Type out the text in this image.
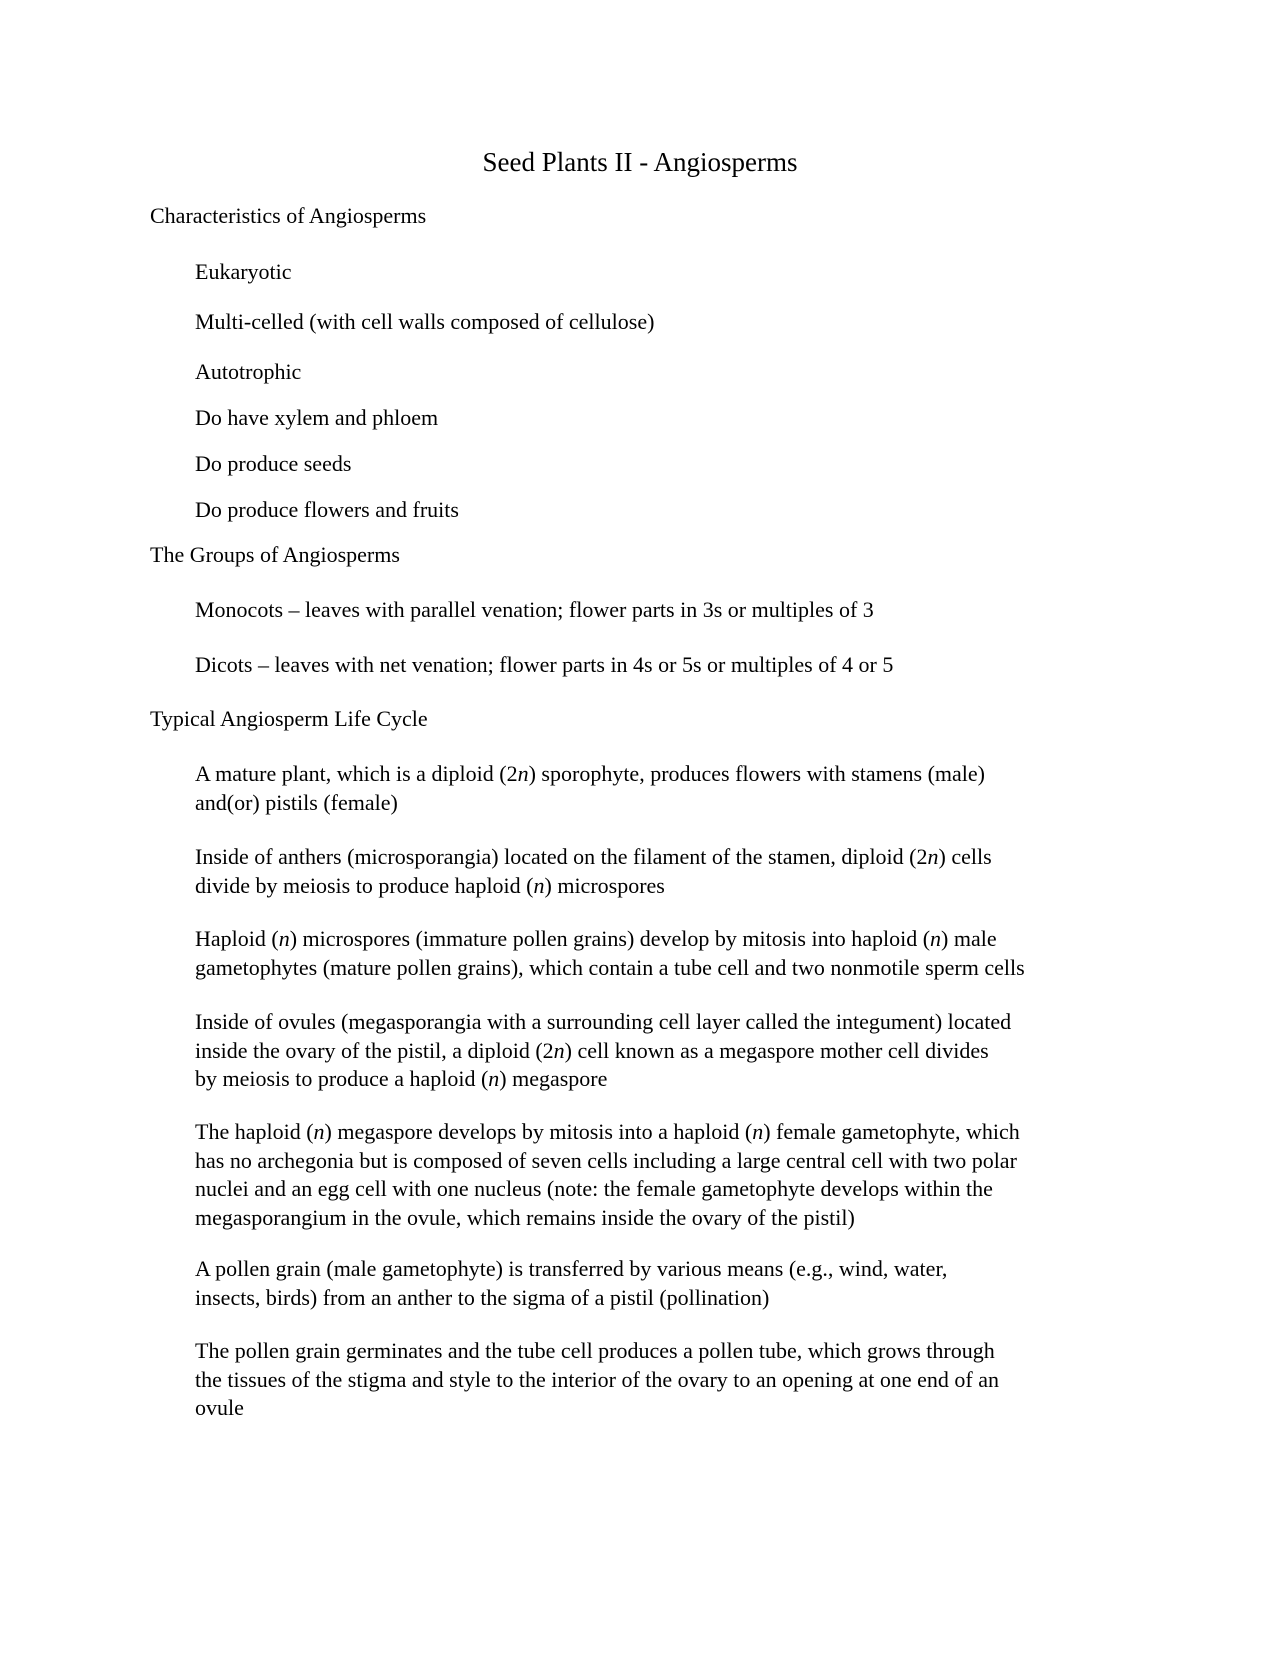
Seed Plants II - Angiosperms
Characteristics of Angiosperms

Eukaryotic

Multi-celled (with cell walls composed of cellulose)

Autotrophic

Do have xylem and phloem

Do produce seeds

Do produce flowers and fruits

The Groups of Angiosperms

Monocots – leaves with parallel venation; flower parts in 3s or multiples of 3

Dicots – leaves with net venation; flower parts in 4s or 5s or multiples of 4 or 5

Typical Angiosperm Life Cycle

A mature plant, which is a diploid (2n) sporophyte, produces flowers with stamens (male)
and(or) pistils (female)

Inside of anthers (microsporangia) located on the filament of the stamen, diploid (2n) cells
divide by meiosis to produce haploid (n) microspores

Haploid (n) microspores (immature pollen grains) develop by mitosis into haploid (n) male
gametophytes (mature pollen grains), which contain a tube cell and two nonmotile sperm cells

Inside of ovules (megasporangia with a surrounding cell layer called the integument) located
inside the ovary of the pistil, a diploid (2n) cell known as a megaspore mother cell divides
by meiosis to produce a haploid (n) megaspore

The haploid (n) megaspore develops by mitosis into a haploid (n) female gametophyte, which
has no archegonia but is composed of seven cells including a large central cell with two polar
nuclei and an egg cell with one nucleus (note: the female gametophyte develops within the
megasporangium in the ovule, which remains inside the ovary of the pistil)

A pollen grain (male gametophyte) is transferred by various means (e.g., wind, water,
insects, birds) from an anther to the sigma of a pistil (pollination)

The pollen grain germinates and the tube cell produces a pollen tube, which grows through
the tissues of the stigma and style to the interior of the ovary to an opening at one end of an
ovule
